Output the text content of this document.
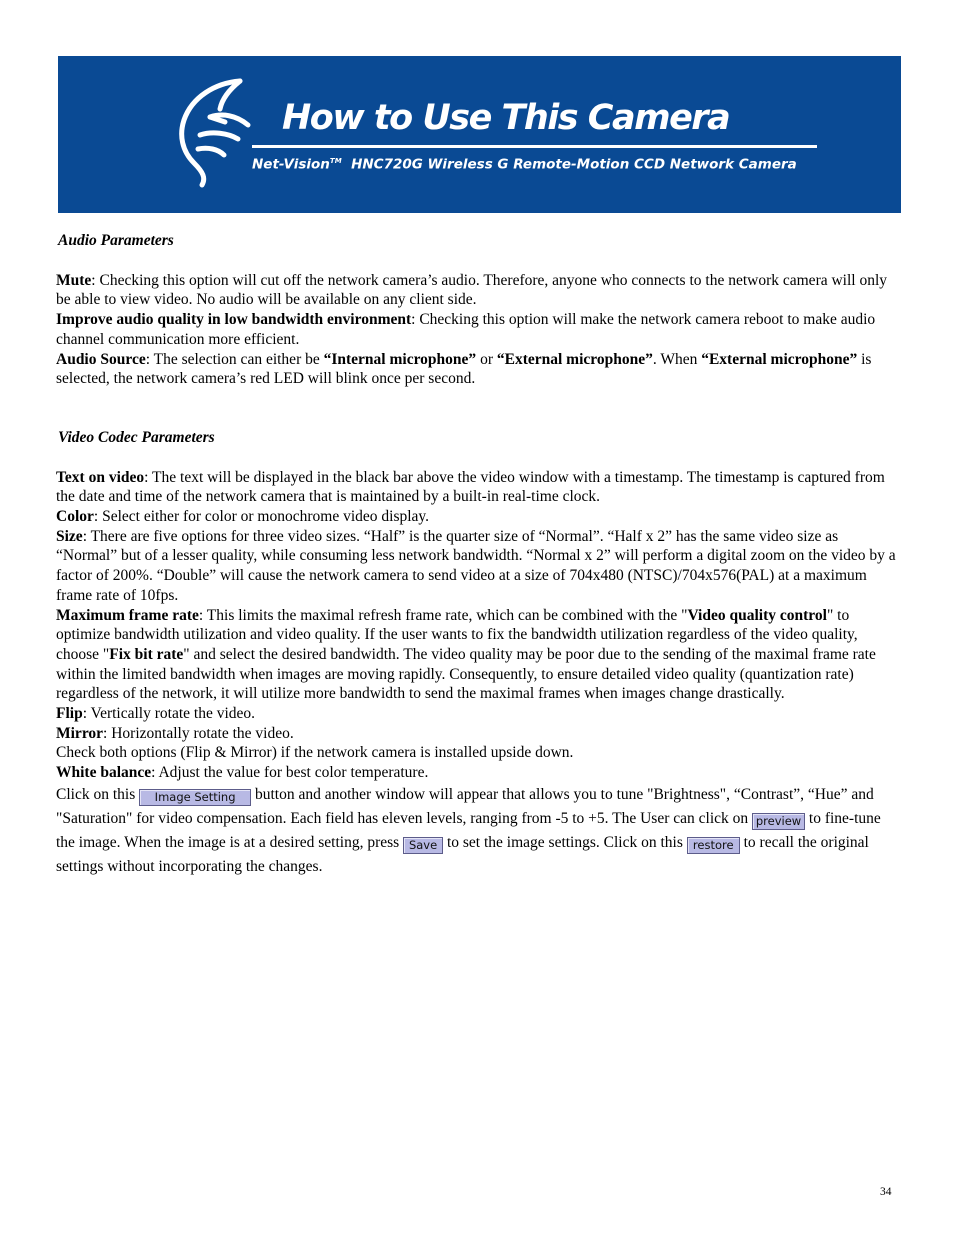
How to Use This Camera
Net-Vision™ HNC720G Wireless G Remote-Motion CCD Network Camera
Audio Parameters

Mute: Checking this option will cut off the network camera’s audio. Therefore, anyone who connects to the network camera will only be able to view video. No audio will be available on any client side.

Improve audio quality in low bandwidth environment: Checking this option will make the network camera reboot to make audio channel communication more efficient.

Audio Source: The selection can either be “Internal microphone” or “External microphone”. When “External microphone” is selected, the network camera’s red LED will blink once per second.

Video Codec Parameters

Text on video: The text will be displayed in the black bar above the video window with a timestamp. The timestamp is captured from the date and time of the network camera that is maintained by a built-in real-time clock.

Color: Select either for color or monochrome video display.

Size: There are five options for three video sizes. “Half” is the quarter size of “Normal”. “Half x 2” has the same video size as “Normal” but of a lesser quality, while consuming less network bandwidth. “Normal x 2” will perform a digital zoom on the video by a factor of 200%. “Double” will cause the network camera to send video at a size of 704x480 (NTSC)/704x576(PAL) at a maximum frame rate of 10fps.

Maximum frame rate: This limits the maximal refresh frame rate, which can be combined with the "Video quality control" to optimize bandwidth utilization and video quality. If the user wants to fix the bandwidth utilization regardless of the video quality, choose "Fix bit rate" and select the desired bandwidth. The video quality may be poor due to the sending of the maximal frame rate within the limited bandwidth when images are moving rapidly. Consequently, to ensure detailed video quality (quantization rate) regardless of the network, it will utilize more bandwidth to send the maximal frames when images change drastically.

Flip: Vertically rotate the video.

Mirror: Horizontally rotate the video.

Check both options (Flip & Mirror) if the network camera is installed upside down.

White balance: Adjust the value for best color temperature.

Click on this Image Setting button and another window will appear that allows you to tune "Brightness", “Contrast”, “Hue” and "Saturation" for video compensation. Each field has eleven levels, ranging from -5 to +5. The User can click on preview to fine-tune the image. When the image is at a desired setting, press Save to set the image settings. Click on this restore to recall the original settings without incorporating the changes.

34
